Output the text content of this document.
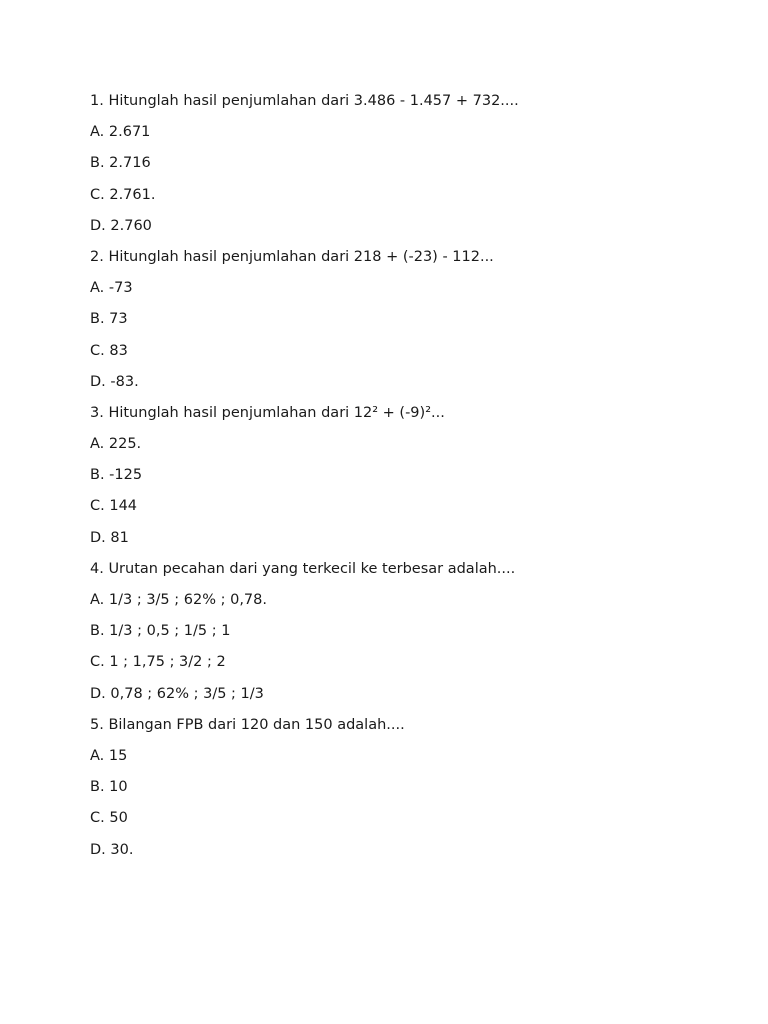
1. Hitunglah hasil penjumlahan dari 3.486 - 1.457 + 732....
A. 2.671
B. 2.716
C. 2.761.
D. 2.760
2. Hitunglah hasil penjumlahan dari 218 + (-23) - 112...
A. -73
B. 73
C. 83
D. -83.
3. Hitunglah hasil penjumlahan dari 12² + (-9)²...
A. 225.
B. -125
C. 144
D. 81
4. Urutan pecahan dari yang terkecil ke terbesar adalah....
A. 1/3 ; 3/5 ; 62% ; 0,78.
B. 1/3 ; 0,5 ; 1/5 ; 1
C. 1 ; 1,75 ; 3/2 ; 2
D. 0,78 ; 62% ; 3/5 ; 1/3
5. Bilangan FPB dari 120 dan 150 adalah....
A. 15
B. 10
C. 50
D. 30.
